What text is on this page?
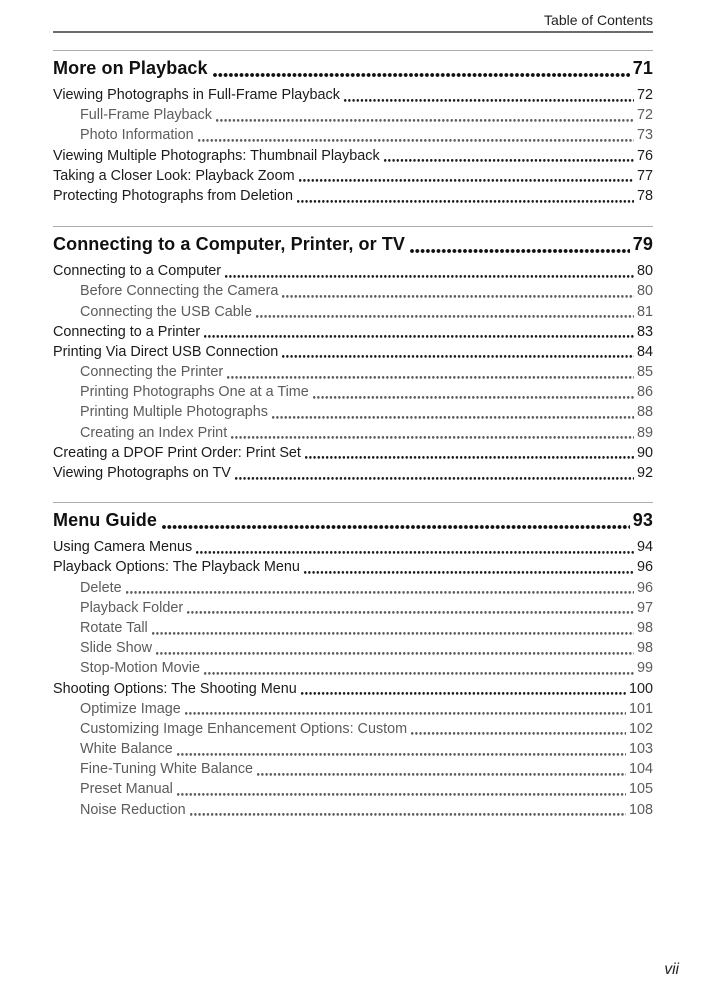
Table of Contents
More on Playback	71
Viewing Photographs in Full-Frame Playback	72
Full-Frame Playback	72
Photo Information	73
Viewing Multiple Photographs: Thumbnail Playback	76
Taking a Closer Look: Playback Zoom	77
Protecting Photographs from Deletion	78
Connecting to a Computer, Printer, or TV	79
Connecting to a Computer	80
Before Connecting the Camera	80
Connecting the USB Cable	81
Connecting to a Printer	83
Printing Via Direct USB Connection	84
Connecting the Printer	85
Printing Photographs One at a Time	86
Printing Multiple Photographs	88
Creating an Index Print	89
Creating a DPOF Print Order: Print Set	90
Viewing Photographs on TV	92
Menu Guide	93
Using Camera Menus	94
Playback Options: The Playback Menu	96
Delete	96
Playback Folder	97
Rotate Tall	98
Slide Show	98
Stop-Motion Movie	99
Shooting Options: The Shooting Menu	100
Optimize Image	101
Customizing Image Enhancement Options: Custom	102
White Balance	103
Fine-Tuning White Balance	104
Preset Manual	105
Noise Reduction	108
vii
